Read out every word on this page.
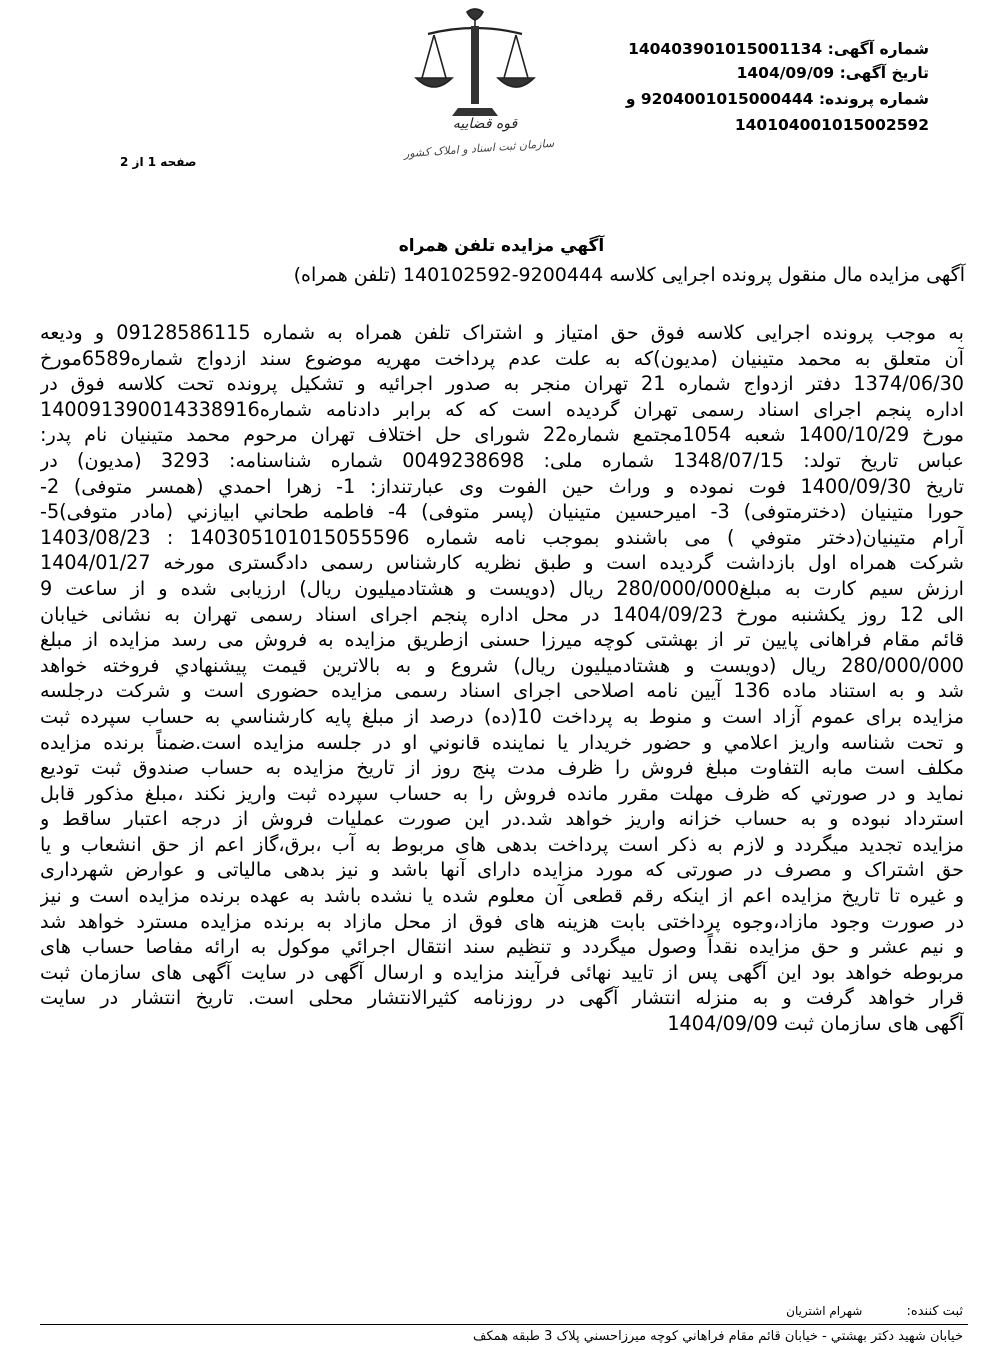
شماره آگهی: 140403901015001134
تاریخ آگهی: 1404/09/09
شماره پرونده: 9204001015000444 و
14010400101500259​2
صفحه 1 از 2
قوه قضاییه
سازمان ثبت اسناد و املاک کشور
آگهي مزايده تلفن همراه
آگهی مزایده مال منقول پرونده اجرایی کلاسه 9200444-140102592 (تلفن همراه)
به موجب پرونده اجرایی کلاسه فوق حق امتیاز و اشتراک تلفن همراه به شماره 09128586115 و ودیعه
آن متعلق به محمد متینیان (مدیون)که به علت عدم پرداخت مهریه موضوع سند ازدواج شماره6589مورخ
1374/06/30 دفتر ازدواج شماره 21 تهران منجر به صدور اجرائیه و تشکیل پرونده تحت کلاسه فوق در
اداره پنجم اجرای اسناد رسمی تهران گردیده است که که برابر دادنامه شماره140091390014338916
مورخ 1400/10/29 شعبه 1054مجتمع شماره22 شورای حل اختلاف تهران مرحوم محمد متینیان نام پدر:
عباس تاریخ تولد: 1348/07/15 شماره ملی: 0049238698 شماره شناسنامه: 3293 (مدیون) در
تاریخ 1400/09/30 فوت نموده و وراث حین الفوت وی عبارتنداز: 1- زهرا احمدي (همسر متوفی) 2-
حورا متینیان (دخترمتوفی) 3- امیرحسین متینیان (پسر متوفی) 4- فاطمه طحاني ابيازني (مادر متوفی)5-
آرام متينيان(دختر متوفي ) مى باشندو بموجب نامه شماره 140305101015055596 : 1403/08/23
شرکت همراه اول بازداشت گردیده است و طبق نظریه کارشناس رسمی دادگستری مورخه 1404/01/27
ارزش سیم کارت به مبلغ280/000/000 ریال (دویست و هشتادمیلیون ریال) ارزیابی شده و از ساعت 9
الی 12 روز یکشنبه مورخ 1404/09/23 در محل اداره پنجم اجرای اسناد رسمی تهران به نشانی خیابان
قائم مقام فراهانی پایین تر از بهشتی کوچه میرزا حسنی ازطریق مزایده به فروش می رسد مزایده از مبلغ
280/000/000 ریال (دویست و هشتادمیلیون ریال) شروع و به بالاترين قيمت پيشنهادي فروخته خواهد
شد و به استناد ماده 136 آیین نامه اصلاحی اجرای اسناد رسمی مزایده حضوری است و شرکت درجلسه
مزايده برای عموم آزاد است و منوط به پرداخت 10(ده) درصد از مبلغ پایه کارشناسي به حساب سپرده ثبت
و تحت شناسه واريز اعلامي و حضور خريدار يا نماينده قانوني او در جلسه مزايده است.ضمناً برنده مزايده
مکلف است مابه التفاوت مبلغ فروش را ظرف مدت پنج روز از تاريخ مزايده به حساب صندوق ثبت توديع
نمايد و در صورتي كه ظرف مهلت مقرر مانده فروش را به حساب سپرده ثبت واريز نكند ،مبلغ مذكور قابل
استرداد نبوده و به حساب خزانه واريز خواهد شد.در اين صورت عمليات فروش از درجه اعتبار ساقط و
مزايده تجديد ميگردد و لازم به ذكر است پرداخت بدهی های مربوط به آب ،برق،گاز اعم از حق انشعاب و يا
حق اشتراک و مصرف در صورتی که مورد مزايده دارای آنها باشد و نيز بدهی مالياتی و عوارض شهرداری
و غيره تا تاريخ مزايده اعم از اينکه رقم قطعی آن معلوم شده يا نشده باشد به عهده برنده مزايده است و نيز
در صورت وجود مازاد،وجوه پرداختی بابت هزينه های فوق از محل مازاد به برنده مزايده مسترد خواهد شد
و نيم عشر و حق مزايده نقداً وصول ميگردد و تنظيم سند انتقال اجرائي موکول به ارائه مفاصا حساب های
مربوطه خواهد بود اين آگهی پس از تاييد نهائی فرآيند مزايده و ارسال آگهی در سايت آگهی های سازمان ثبت
قرار خواهد گرفت و به منزله انتشار آگهی در روزنامه کثيرالانتشار محلی است. تاريخ انتشار در سايت
آگهی های سازمان ثبت 1404/09/09
ثبت کننده: شهرام اشتریان
خیابان شهید دکتر بهشتي - خیابان قائم مقام فراهاني کوچه میرزاحسني پلاک 3 طبقه همکف
